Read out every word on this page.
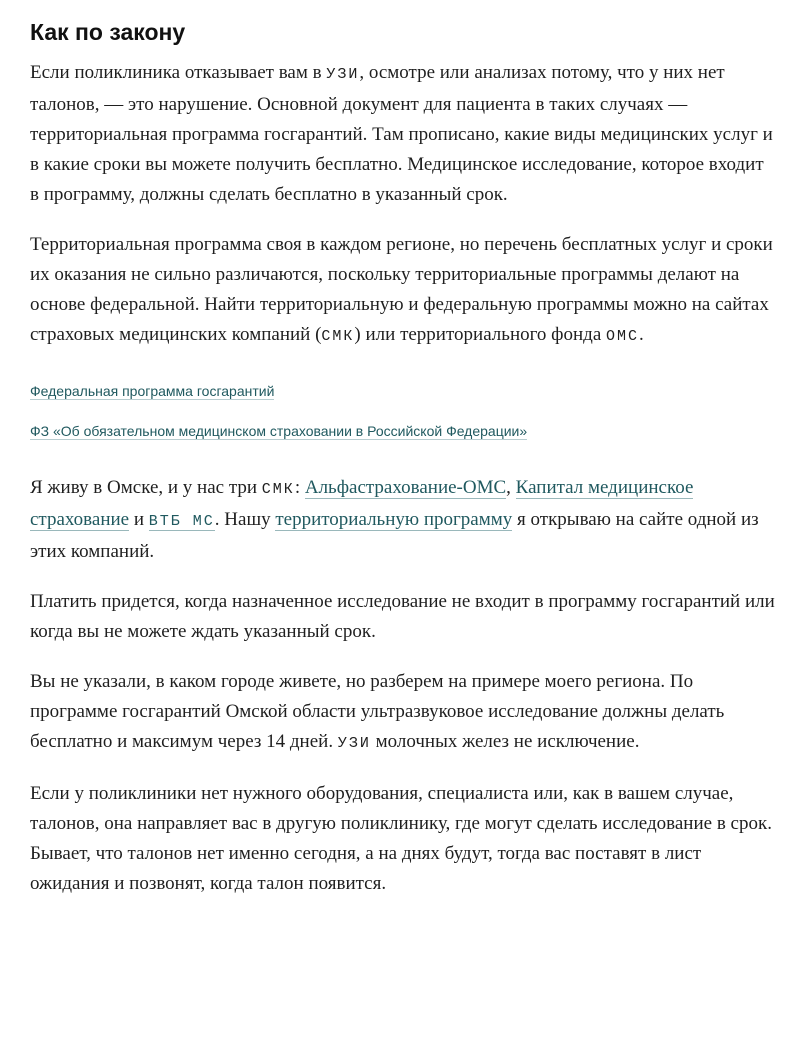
Как по закону

Если поликлиника отказывает вам в УЗИ, осмотре или анализах потому, что у них нет талонов, — это нарушение. Основной документ для пациента в таких случаях — территориальная программа госгарантий. Там прописано, какие виды медицинских услуг и в какие сроки вы можете получить бесплатно. Медицинское исследование, которое входит в программу, должны сделать бесплатно в указанный срок.

Территориальная программа своя в каждом регионе, но перечень бесплатных услуг и сроки их оказания не сильно различаются, поскольку территориальные программы делают на основе федеральной. Найти территориальную и федеральную программы можно на сайтах страховых медицинских компаний (СМК) или территориального фонда ОМС.

Федеральная программа госгарантий
ФЗ «Об обязательном медицинском страховании в Российской Федерации»

Я живу в Омске, и у нас три СМК: Альфастрахование-ОМС, Капитал медицинское страхование и ВТБ МС. Нашу территориальную программу я открываю на сайте одной из этих компаний.

Платить придется, когда назначенное исследование не входит в программу госгарантий или когда вы не можете ждать указанный срок.

Вы не указали, в каком городе живете, но разберем на примере моего региона. По программе госгарантий Омской области ультразвуковое исследование должны делать бесплатно и максимум через 14 дней. УЗИ молочных желез не исключение.

Если у поликлиники нет нужного оборудования, специалиста или, как в вашем случае, талонов, она направляет вас в другую поликлинику, где могут сделать исследование в срок. Бывает, что талонов нет именно сегодня, а на днях будут, тогда вас поставят в лист ожидания и позвонят, когда талон появится.
